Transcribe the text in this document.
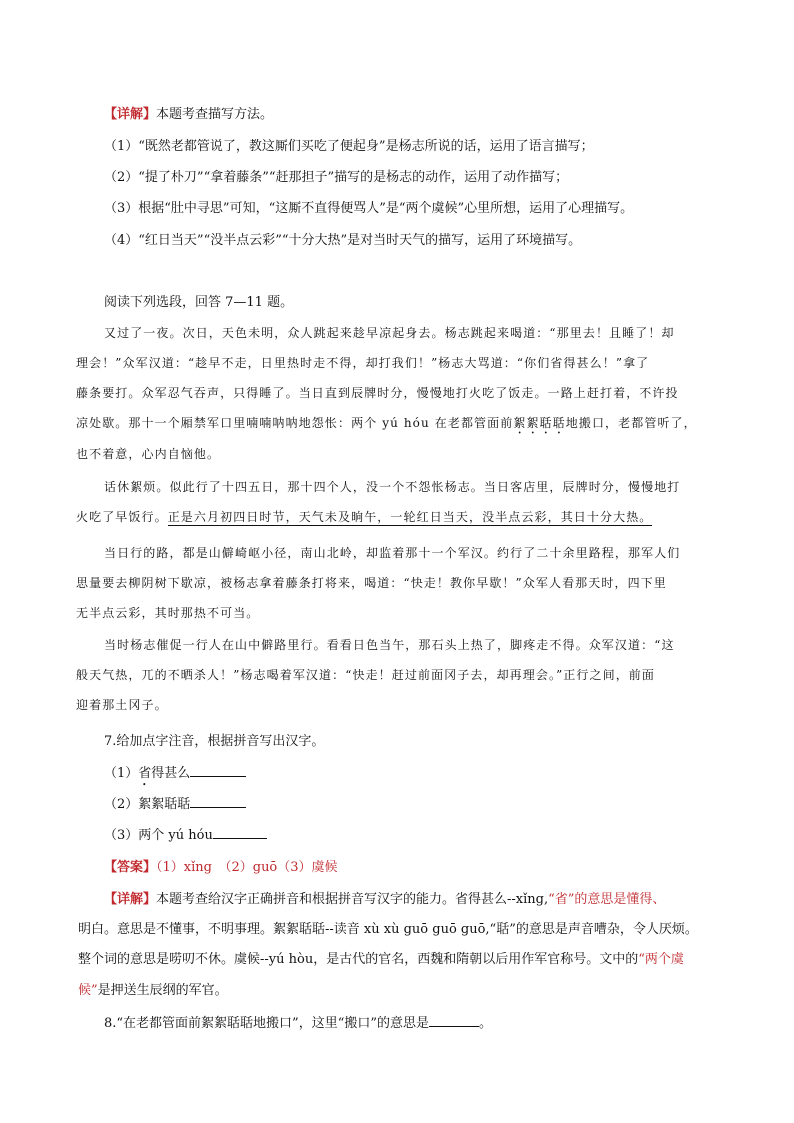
【详解】本题考查描写方法。
（1）“既然老都管说了，教这厮们买吃了便起身”是杨志所说的话，运用了语言描写；
（2）“提了朴刀”“拿着藤条”“赶那担子”描写的是杨志的动作，运用了动作描写；
（3）根据“肚中寻思”可知，“这厮不直得便骂人”是“两个虞候”心里所想，运用了心理描写。
（4）“红日当天”“没半点云彩”“十分大热”是对当时天气的描写，运用了环境描写。
阅读下列选段，回答 7—11 题。
又过了一夜。次日，天色未明，众人跳起来趁早凉起身去。杨志跳起来喝道：“那里去！且睡了！却
理会！”众军汉道：“趁早不走，日里热时走不得，却打我们！”杨志大骂道：“你们省得甚么！”拿了
藤条要打。众军忍气吞声，只得睡了。当日直到辰牌时分，慢慢地打火吃了饭走。一路上赶打着，不许投
凉处歇。那十一个厢禁军口里喃喃呐呐地怨怅：两个 yú hóu 在老都管面前絮絮聒聒地搬口，老都管听了，
也不着意，心内自恼他。
话休絮烦。似此行了十四五日，那十四个人，没一个不怨怅杨志。当日客店里，辰牌时分，慢慢地打
火吃了早饭行。正是六月初四日时节，天气未及晌午，一轮红日当天，没半点云彩，其日十分大热。
当日行的路，都是山僻崎岖小径，南山北岭，却监着那十一个军汉。约行了二十余里路程，那军人们
思量要去柳阴树下歇凉，被杨志拿着藤条打将来，喝道：“快走！教你早歇！”众军人看那天时，四下里
无半点云彩，其时那热不可当。
当时杨志催促一行人在山中僻路里行。看看日色当午，那石头上热了，脚疼走不得。众军汉道：“这
般天气热，兀的不晒杀人！”杨志喝着军汉道：“快走！赶过前面冈子去，却再理会。”正行之间，前面
迎着那土冈子。
7.给加点字注音，根据拼音写出汉字。
（1）省得甚么
（2）絮絮聒聒
（3）两个 yú hóu
【答案】（1）xǐng　（2）guō（3）虞候
【详解】本题考查给汉字正确拼音和根据拼音写汉字的能力。省得甚么--xǐng,“省”的意思是懂得、
明白。意思是不懂事，不明事理。絮絮聒聒--读音 xù xù guō guō guō,“聒”的意思是声音嘈杂，令人厌烦。
整个词的意思是唠叨不休。虞候--yú hòu，是古代的官名，西魏和隋朝以后用作军官称号。文中的“两个虞
候”是押送生辰纲的军官。
8.“在老都管面前絮絮聒聒地搬口”，这里“搬口”的意思是	。
